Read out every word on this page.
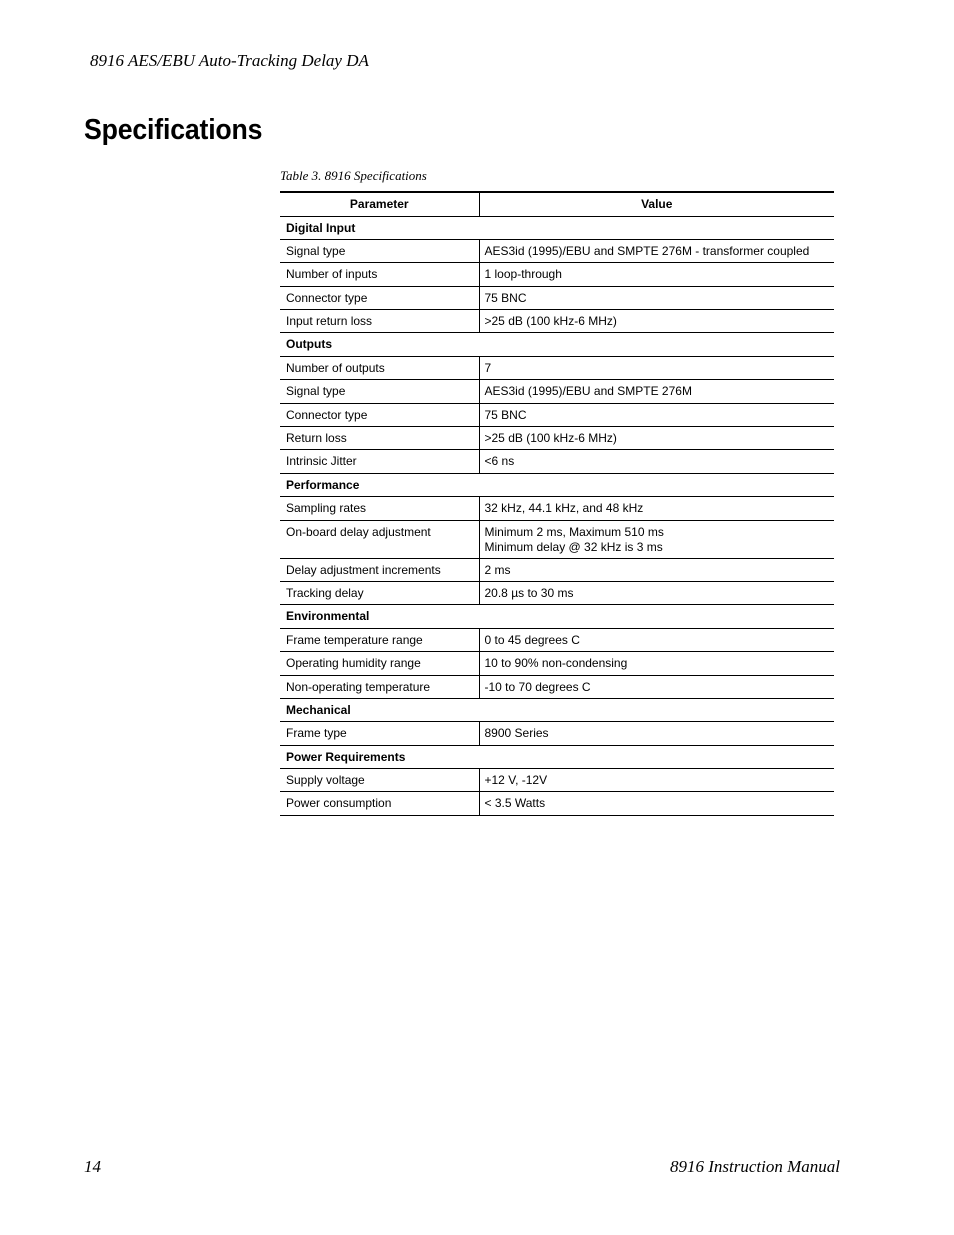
8916 AES/EBU Auto-Tracking Delay DA
Specifications
Table 3. 8916 Specifications
Parameter	Value
Digital Input	
Signal type	AES3id (1995)/EBU and SMPTE 276M - transformer coupled
Number of inputs	1 loop-through
Connector type	75 BNC
Input return loss	>25 dB (100 kHz-6 MHz)
Outputs	
Number of outputs	7
Signal type	AES3id (1995)/EBU and SMPTE 276M
Connector type	75 BNC
Return loss	>25 dB (100 kHz-6 MHz)
Intrinsic Jitter	<6 ns
Performance	
Sampling rates	32 kHz, 44.1 kHz, and 48 kHz
On-board delay adjustment	Minimum 2 ms, Maximum 510 ms
Minimum delay @ 32 kHz is 3 ms
Delay adjustment increments	2 ms
Tracking delay	20.8 µs to 30 ms
Environmental	
Frame temperature range	0 to 45 degrees C
Operating humidity range	10 to 90% non-condensing
Non-operating temperature	-10 to 70 degrees C
Mechanical	
Frame type	8900 Series
Power Requirements	
Supply voltage	+12 V, -12V
Power consumption	< 3.5 Watts
14	8916 Instruction Manual
